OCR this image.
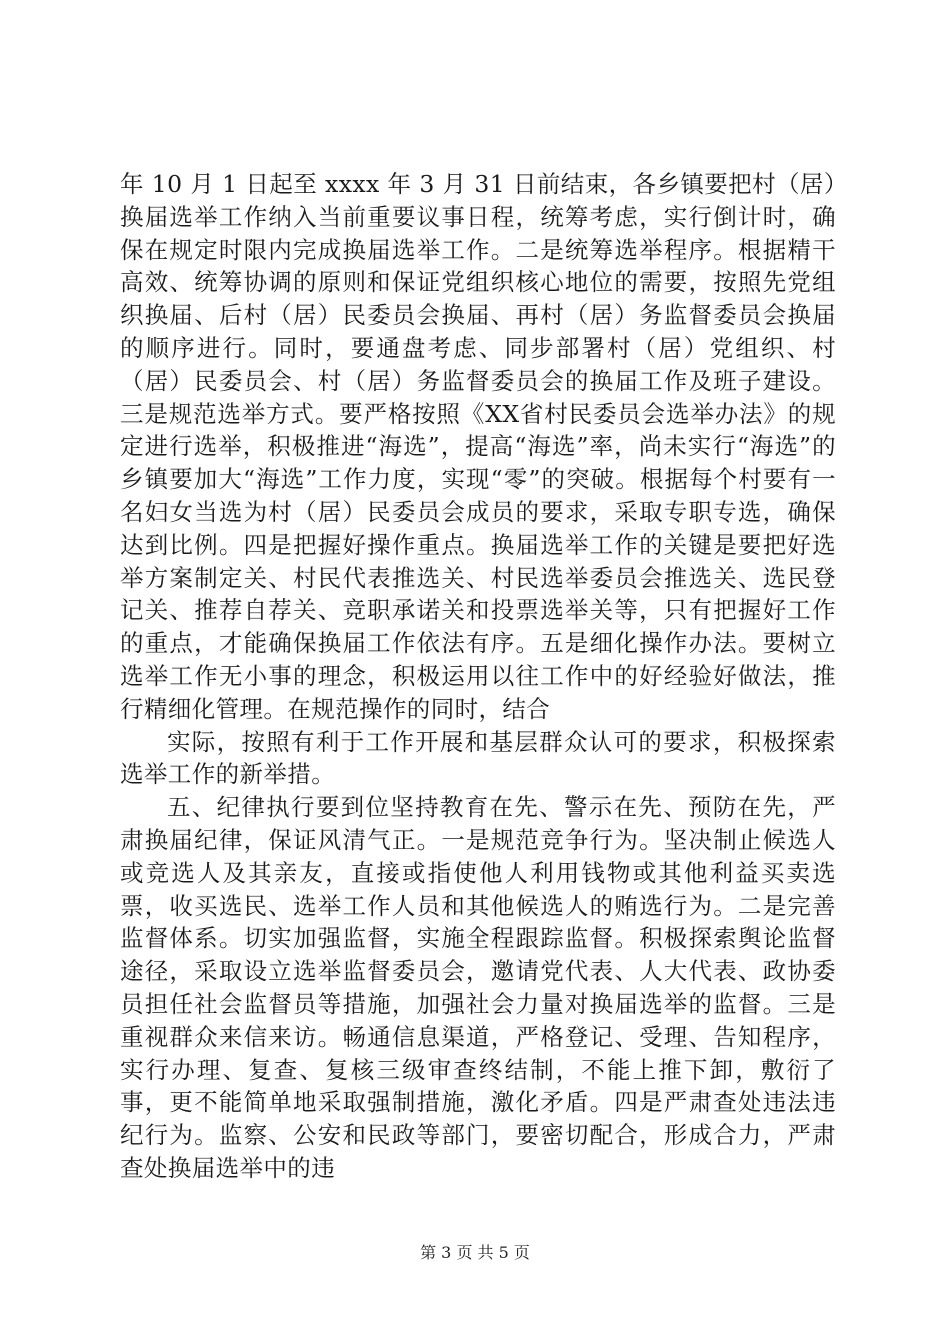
年 10 月 1 日起至 xxxx 年 3 月 31 日前结束，各乡镇要把村（居）换届选举工作纳入当前重要议事日程，统筹考虑，实行倒计时，确保在规定时限内完成换届选举工作。二是统筹选举程序。根据精干高效、统筹协调的原则和保证党组织核心地位的需要，按照先党组织换届、后村（居）民委员会换届、再村（居）务监督委员会换届的顺序进行。同时，要通盘考虑、同步部署村（居）党组织、村（居）民委员会、村（居）务监督委员会的换届工作及班子建设。三是规范选举方式。要严格按照《XX省村民委员会选举办法》的规定进行选举，积极推进“海选”，提高“海选”率，尚未实行“海选”的乡镇要加大“海选”工作力度，实现“零”的突破。根据每个村要有一名妇女当选为村（居）民委员会成员的要求，采取专职专选，确保达到比例。四是把握好操作重点。换届选举工作的关键是要把好选举方案制定关、村民代表推选关、村民选举委员会推选关、选民登记关、推荐自荐关、竞职承诺关和投票选举关等，只有把握好工作的重点，才能确保换届工作依法有序。五是细化操作办法。要树立选举工作无小事的理念，积极运用以往工作中的好经验好做法，推行精细化管理。在规范操作的同时，结合

实际，按照有利于工作开展和基层群众认可的要求，积极探索选举工作的新举措。

五、纪律执行要到位坚持教育在先、警示在先、预防在先，严肃换届纪律，保证风清气正。一是规范竞争行为。坚决制止候选人或竞选人及其亲友，直接或指使他人利用钱物或其他利益买卖选票，收买选民、选举工作人员和其他候选人的贿选行为。二是完善监督体系。切实加强监督，实施全程跟踪监督。积极探索舆论监督途径，采取设立选举监督委员会，邀请党代表、人大代表、政协委员担任社会监督员等措施，加强社会力量对换届选举的监督。三是重视群众来信来访。畅通信息渠道，严格登记、受理、告知程序，实行办理、复查、复核三级审查终结制，不能上推下卸，敷衍了事，更不能简单地采取强制措施，激化矛盾。四是严肃查处违法违纪行为。监察、公安和民政等部门，要密切配合，形成合力，严肃查处换届选举中的违

第 3 页 共 5 页
